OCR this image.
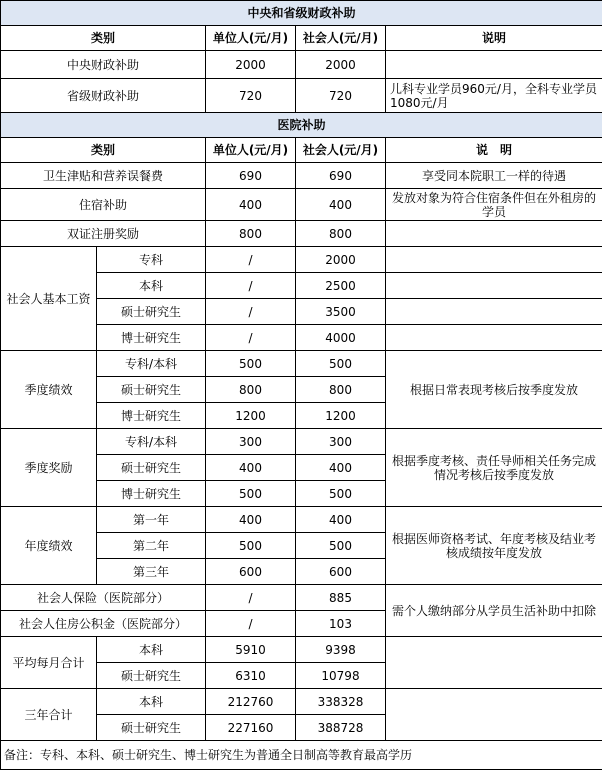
中央和省级财政补助				
类别		单位人(元/月)	社会人(元/月)	说明
中央财政补助		2000	2000	
省级财政补助		720	720	儿科专业学员960元/月，全科专业学员1080元/月
医院补助				
类别		单位人(元/月)	社会人(元/月)	说　明
卫生津贴和营养误餐费		690	690	享受同本院职工一样的待遇
住宿补助		400	400	发放对象为符合住宿条件但在外租房的学员
双证注册奖励		800	800	
社会人基本工资	专科	/	2000	
	本科	/	2500	
	硕士研究生	/	3500	
	博士研究生	/	4000	
季度绩效	专科/本科	500	500	根据日常表现考核后按季度发放
	硕士研究生	800	800	
	博士研究生	1200	1200	
季度奖励	专科/本科	300	300	根据季度考核、责任导师相关任务完成情况考核后按季度发放
	硕士研究生	400	400	
	博士研究生	500	500	
年度绩效	第一年	400	400	根据医师资格考试、年度考核及结业考核成绩按年度发放
	第二年	500	500	
	第三年	600	600	
社会人保险（医院部分）		/	885	需个人缴纳部分从学员生活补助中扣除
社会人住房公积金（医院部分）		/	103	
平均每月合计	本科	5910	9398	
	硕士研究生	6310	10798	
三年合计	本科	212760	338328	
	硕士研究生	227160	388728	
备注：专科、本科、硕士研究生、博士研究生为普通全日制高等教育最高学历				
